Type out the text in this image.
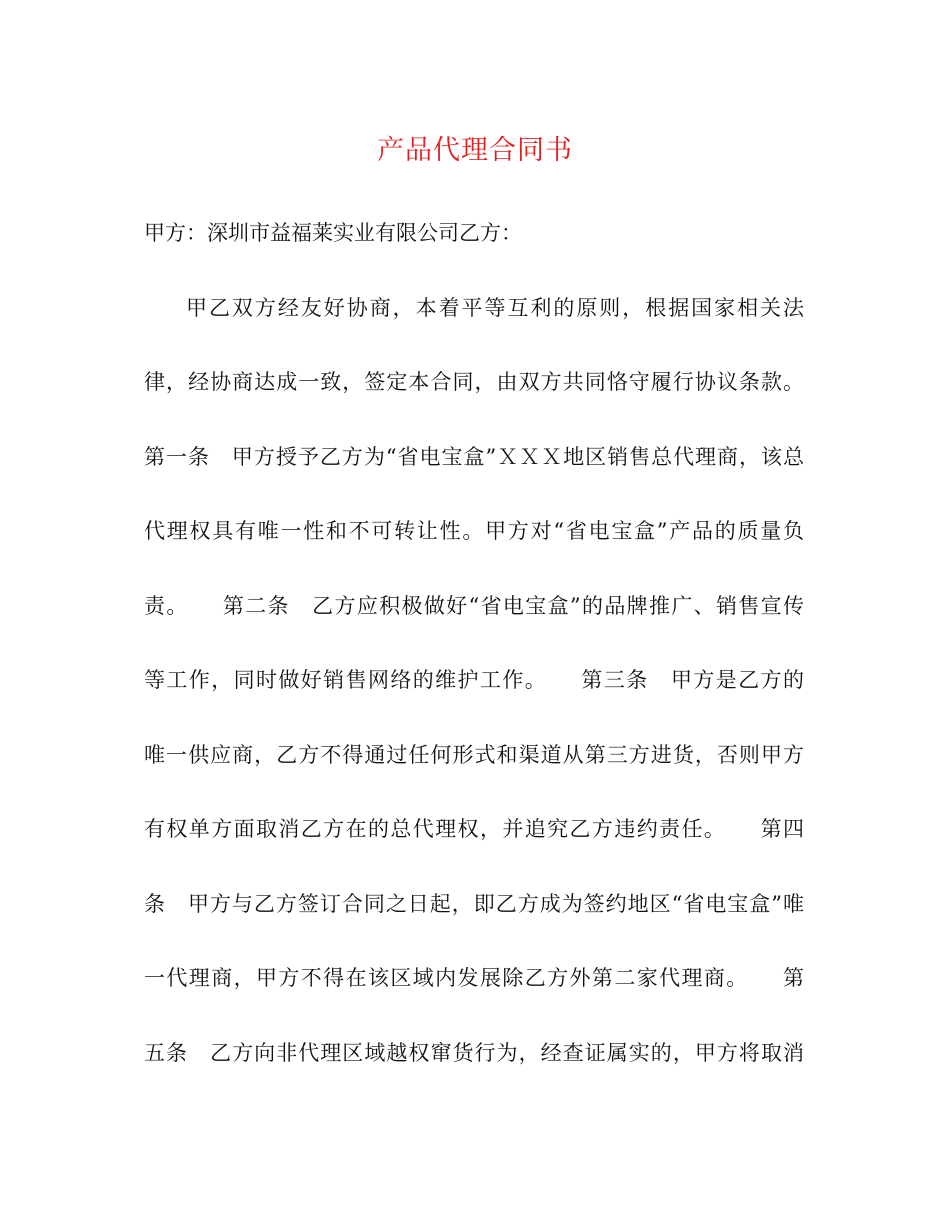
产品代理合同书
甲方：深圳市益福莱实业有限公司乙方：
甲乙双方经友好协商，本着平等互利的原则，根据国家相关法
律，经协商达成一致，签定本合同，由双方共同恪守履行协议条款。
第一条　甲方授予乙方为“省电宝盒”ＸＸＸ地区销售总代理商，该总
代理权具有唯一性和不可转让性。甲方对“省电宝盒”产品的质量负
责。　　第二条　乙方应积极做好“省电宝盒”的品牌推广、销售宣传
等工作，同时做好销售网络的维护工作。　　第三条　甲方是乙方的
唯一供应商，乙方不得通过任何形式和渠道从第三方进货，否则甲方
有权单方面取消乙方在的总代理权，并追究乙方违约责任。　　第四
条　甲方与乙方签订合同之日起，即乙方成为签约地区“省电宝盒”唯
一代理商，甲方不得在该区域内发展除乙方外第二家代理商。　　第
五条　乙方向非代理区域越权窜货行为，经查证属实的，甲方将取消
